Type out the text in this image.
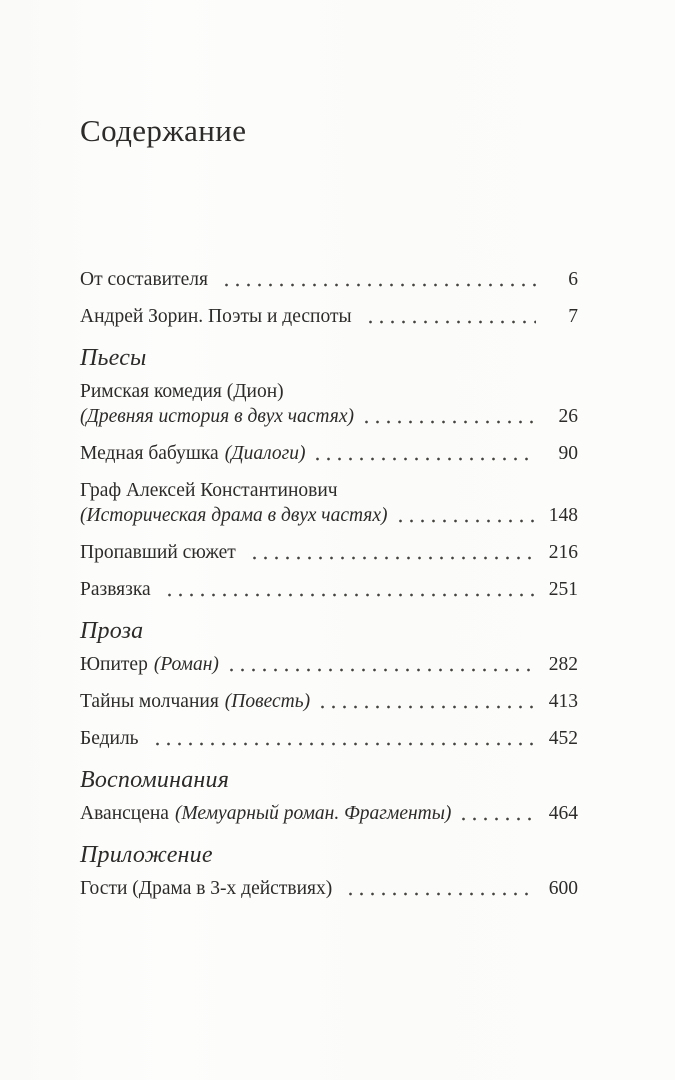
Содержание
От составителя	6
Андрей Зорин. Поэты и деспоты	7
Пьесы
Римская комедия (Дион)
(Древняя история в двух частях)	26
Медная бабушка (Диалоги)	90
Граф Алексей Константинович
(Историческая драма в двух частях)	148
Пропавший сюжет	216
Развязка	251
Проза
Юпитер (Роман)	282
Тайны молчания (Повесть)	413
Бедиль	452
Воспоминания
Авансцена (Мемуарный роман. Фрагменты)	464
Приложение
Гости (Драма в 3-х действиях)	600
